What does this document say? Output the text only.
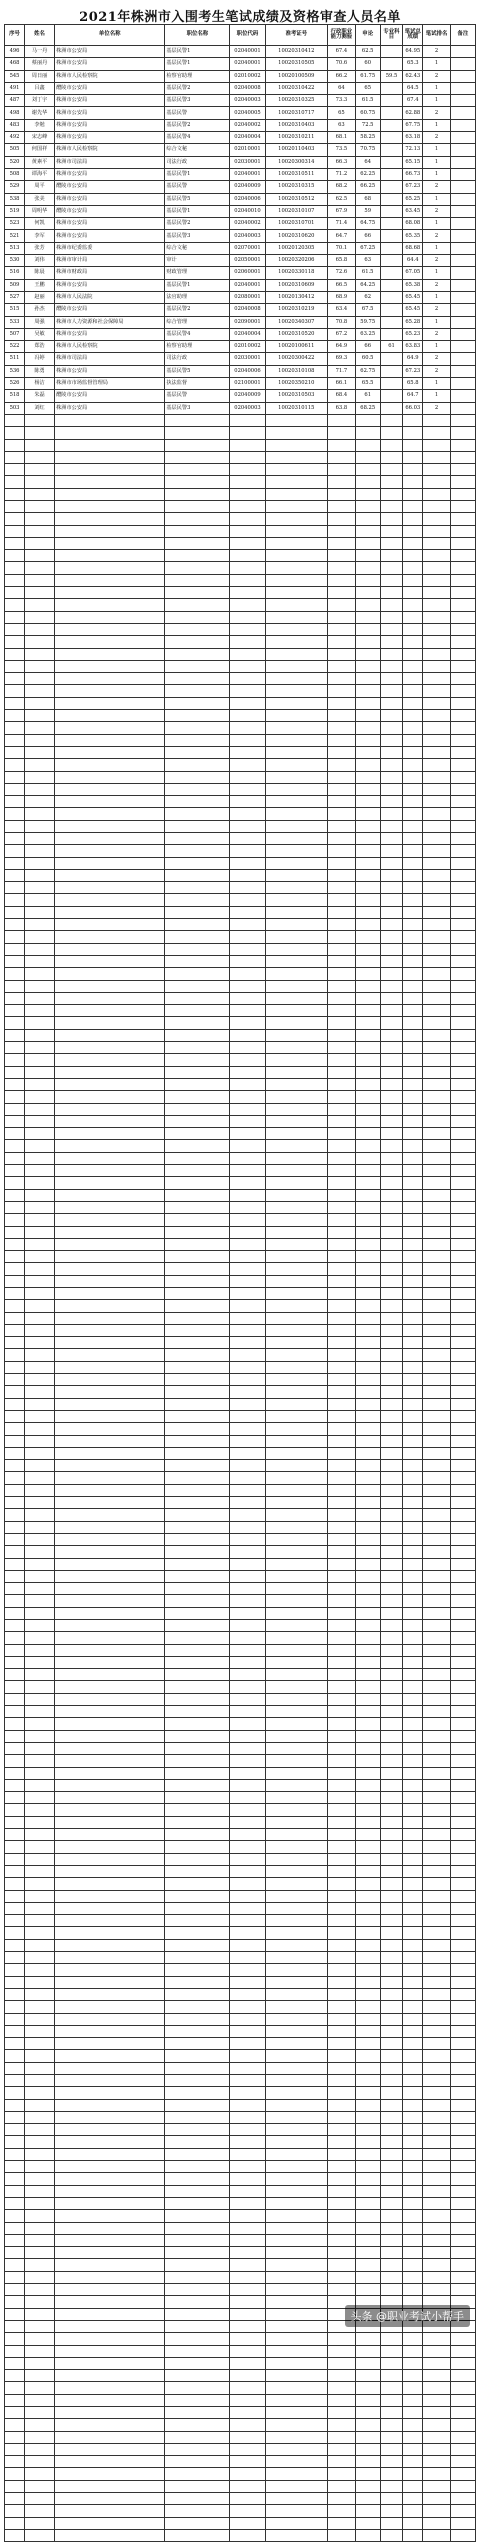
2021年株洲市入围考生笔试成绩及资格审查人员名单
序号	姓名	单位名称	职位名称	职位代码	准考证号	行政职业能力测验	申论	专业科目	笔试总成绩	笔试排名	备注
496	马一丹	株洲市公安局	基层民警1	02040001	10020310412	67.4	62.5		64.95	2	
468	蔡丽丹	株洲市公安局	基层民警1	02040001	10020310505	70.6	60		65.3	1	
545	周日丽	株洲市人民检察院	检察官助理	02010002	10020100509	66.2	61.75	59.5	62.43	2	
491	吕鑫	醴陵市公安局	基层民警2	02040008	10020310422	64	65		64.5	1	
487	刘丁宇	株洲市公安局	基层民警3	02040003	10020310325	73.3	61.5		67.4	1	
498	谢先华	株洲市公安局	基层民警	02040005	10020310717	65	60.75		62.88	2	
483	李勉	株洲市公安局	基层民警2	02040002	10020310403	63	72.5		67.75	1	
492	宋志峰	株洲市公安局	基层民警4	02040004	10020310211	68.1	58.25		63.18	2	
505	何国祥	株洲市人民检察院	综合文秘	02010001	10020110403	73.5	70.75		72.13	1	
520	黄素平	株洲市司法局	司法行政	02030001	10020300314	66.3	64		65.15	1	
508	谭海平	株洲市公安局	基层民警1	02040001	10020310511	71.2	62.25		66.73	1	
529	周平	醴陵市公安局	基层民警	02040009	10020310315	68.2	66.25		67.23	2	
538	张美	株洲市公安局	基层民警5	02040006	10020310512	62.5	68		65.25	1	
519	周明华	醴陵市公安局	基层民警1	02040010	10020310107	67.9	59		63.45	2	
523	何凯	株洲市公安局	基层民警2	02040002	10020310701	71.4	64.75		68.08	1	
521	李军	株洲市公安局	基层民警3	02040003	10020310620	64.7	66		65.35	2	
513	张芳	株洲市纪委监委	综合文秘	02070001	10020120305	70.1	67.25		68.68	1	
530	刘伟	株洲市审计局	审计	02050001	10020320206	65.8	63		64.4	2	
516	陈晨	株洲市财政局	财政管理	02060001	10020330118	72.6	61.5		67.05	1	
509	王鹏	株洲市公安局	基层民警1	02040001	10020310609	66.5	64.25		65.38	2	
527	赵丽	株洲市人民法院	法官助理	02080001	10020130412	68.9	62		65.45	1	
515	孙杰	醴陵市公安局	基层民警2	02040008	10020310219	63.4	67.5		65.45	2	
533	周强	株洲市人力资源和社会保障局	综合管理	02090001	10020340307	70.8	59.75		65.28	1	
507	吴敏	株洲市公安局	基层民警4	02040004	10020310520	67.2	63.25		65.23	2	
522	郑浩	株洲市人民检察院	检察官助理	02010002	10020100611	64.9	66	61	63.83	1	
511	冯婷	株洲市司法局	司法行政	02030001	10020300422	69.3	60.5		64.9	2	
536	陈勇	株洲市公安局	基层民警5	02040006	10020310108	71.7	62.75		67.23	2	
526	杨洁	株洲市市场监督管理局	执法监督	02100001	10020350210	66.1	65.5		65.8	1	
518	朱磊	醴陵市公安局	基层民警	02040009	10020310503	68.4	61		64.7	1	
503	刘红	株洲市公安局	基层民警3	02040003	10020310115	63.8	68.25		66.03	2	

头条 @职业考试小帮手
